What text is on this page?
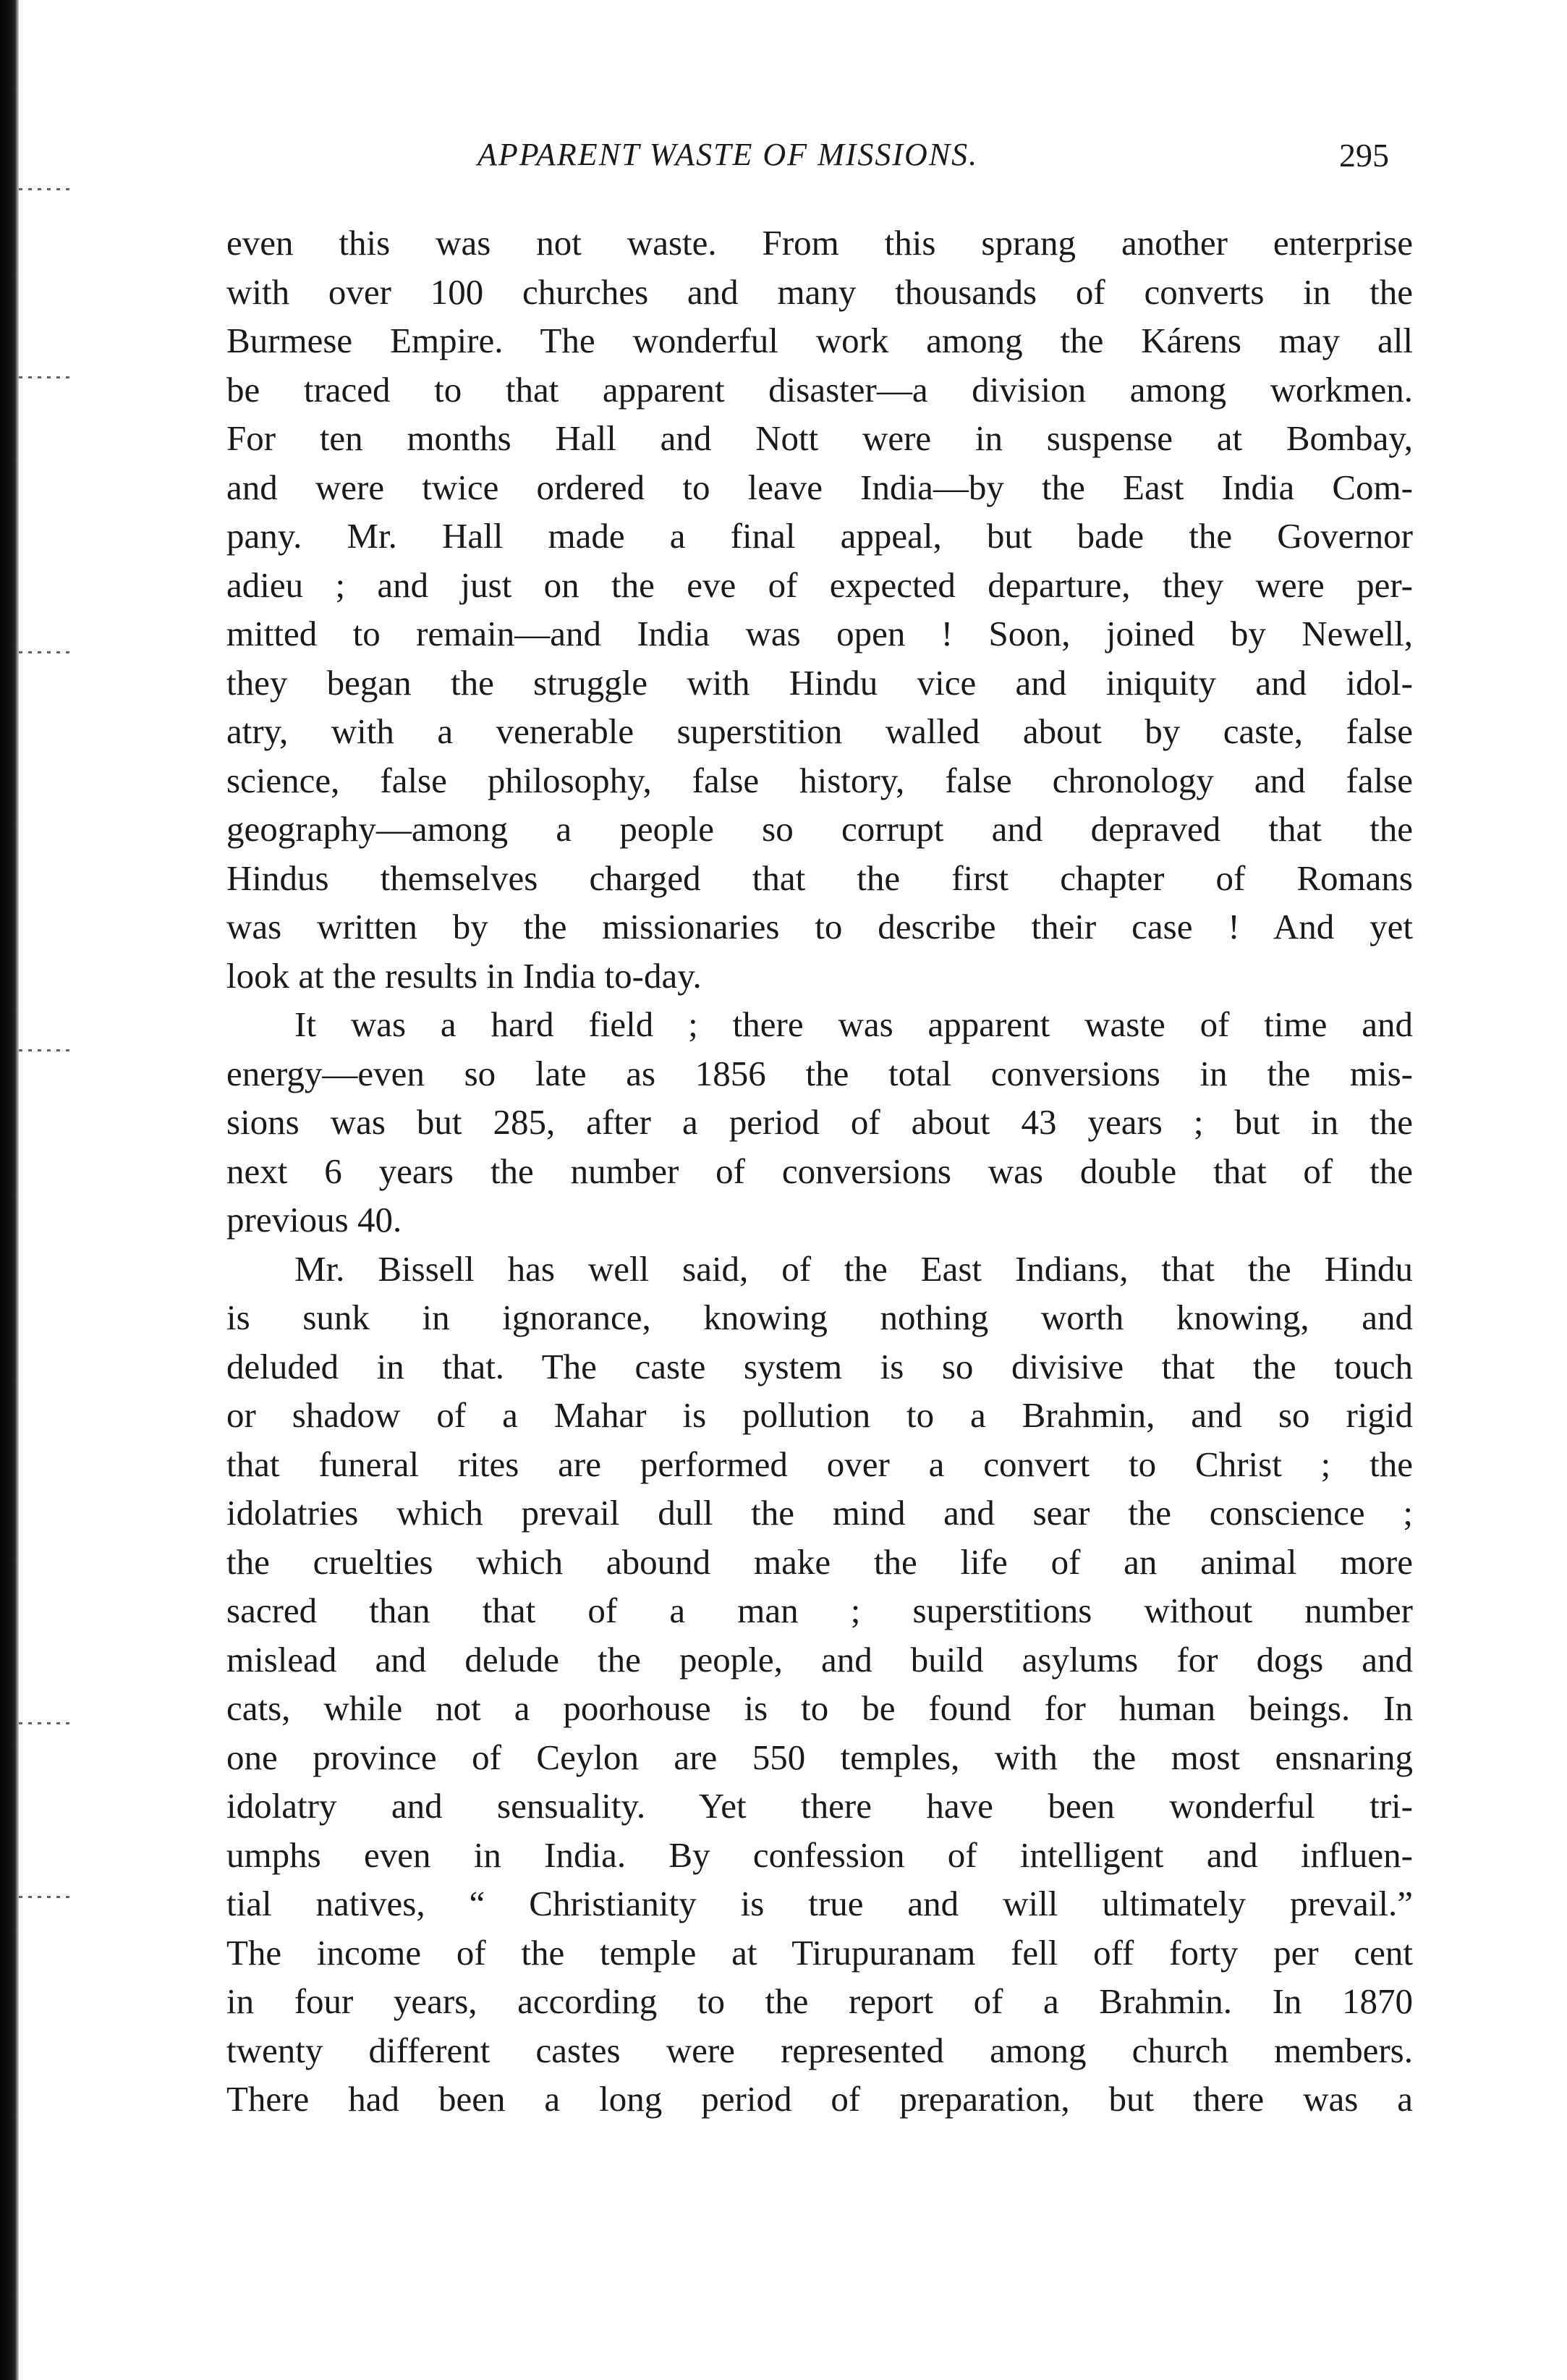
APPARENT WASTE OF MISSIONS.	295
even this was not waste. From this sprang another enterprise
with over 100 churches and many thousands of converts in the
Burmese Empire. The wonderful work among the Kárens may all
be traced to that apparent disaster—a division among workmen.
For ten months Hall and Nott were in suspense at Bombay,
and were twice ordered to leave India—by the East India Com-
pany. Mr. Hall made a final appeal, but bade the Governor
adieu ; and just on the eve of expected departure, they were per-
mitted to remain—and India was open ! Soon, joined by Newell,
they began the struggle with Hindu vice and iniquity and idol-
atry, with a venerable superstition walled about by caste, false
science, false philosophy, false history, false chronology and false
geography—among a people so corrupt and depraved that the
Hindus themselves charged that the first chapter of Romans
was written by the missionaries to describe their case ! And yet
look at the results in India to-day.
It was a hard field ; there was apparent waste of time and
energy—even so late as 1856 the total conversions in the mis-
sions was but 285, after a period of about 43 years ; but in the
next 6 years the number of conversions was double that of the
previous 40.
Mr. Bissell has well said, of the East Indians, that the Hindu
is sunk in ignorance, knowing nothing worth knowing, and
deluded in that. The caste system is so divisive that the touch
or shadow of a Mahar is pollution to a Brahmin, and so rigid
that funeral rites are performed over a convert to Christ ; the
idolatries which prevail dull the mind and sear the conscience ;
the cruelties which abound make the life of an animal more
sacred than that of a man ; superstitions without number
mislead and delude the people, and build asylums for dogs and
cats, while not a poorhouse is to be found for human beings. In
one province of Ceylon are 550 temples, with the most ensnaring
idolatry and sensuality. Yet there have been wonderful tri-
umphs even in India. By confession of intelligent and influen-
tial natives, “ Christianity is true and will ultimately prevail.”
The income of the temple at Tirupuranam fell off forty per cent
in four years, according to the report of a Brahmin. In 1870
twenty different castes were represented among church members.
There had been a long period of preparation, but there was a
